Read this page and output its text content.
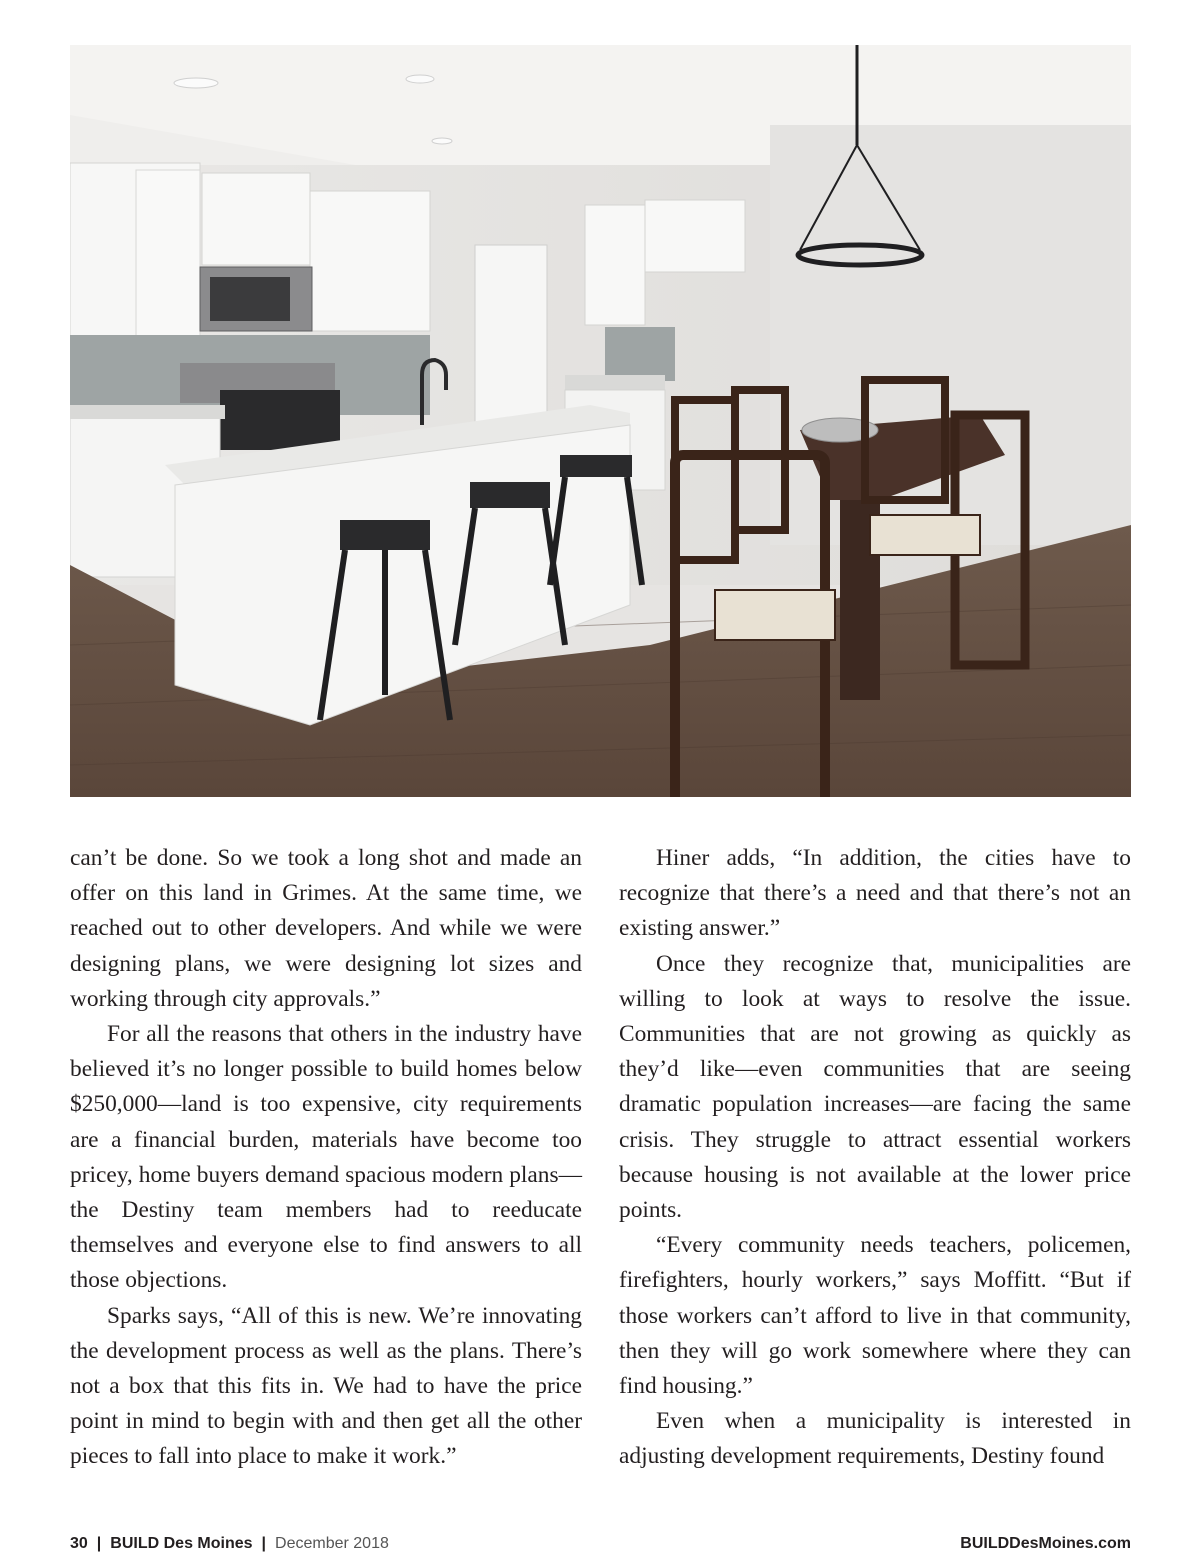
can’t be done. So we took a long shot and made an offer on this land in Grimes. At the same time, we reached out to other developers. And while we were designing plans, we were designing lot sizes and working through city approvals.”

For all the reasons that others in the industry have believed it’s no longer possible to build homes below $250,000—land is too expensive, city requirements are a financial burden, materials have become too pricey, home buyers demand spacious modern plans—the Destiny team members had to reeducate themselves and everyone else to find answers to all those objections.

Sparks says, “All of this is new. We’re innovating the development process as well as the plans. There’s not a box that this fits in. We had to have the price point in mind to begin with and then get all the other pieces to fall into place to make it work.”

Hiner adds, “In addition, the cities have to recognize that there’s a need and that there’s not an existing answer.”

Once they recognize that, municipalities are willing to look at ways to resolve the issue. Communities that are not growing as quickly as they’d like—even communities that are seeing dramatic population increases—are facing the same crisis. They struggle to attract essential workers because housing is not available at the lower price points.

“Every community needs teachers, policemen, firefighters, hourly workers,” says Moffitt. “But if those workers can’t afford to live in that community, then they will go work somewhere where they can find housing.”

Even when a municipality is interested in adjusting development requirements, Destiny found

30 | BUILD Des Moines | December 2018	BUILDDesMoines.com
